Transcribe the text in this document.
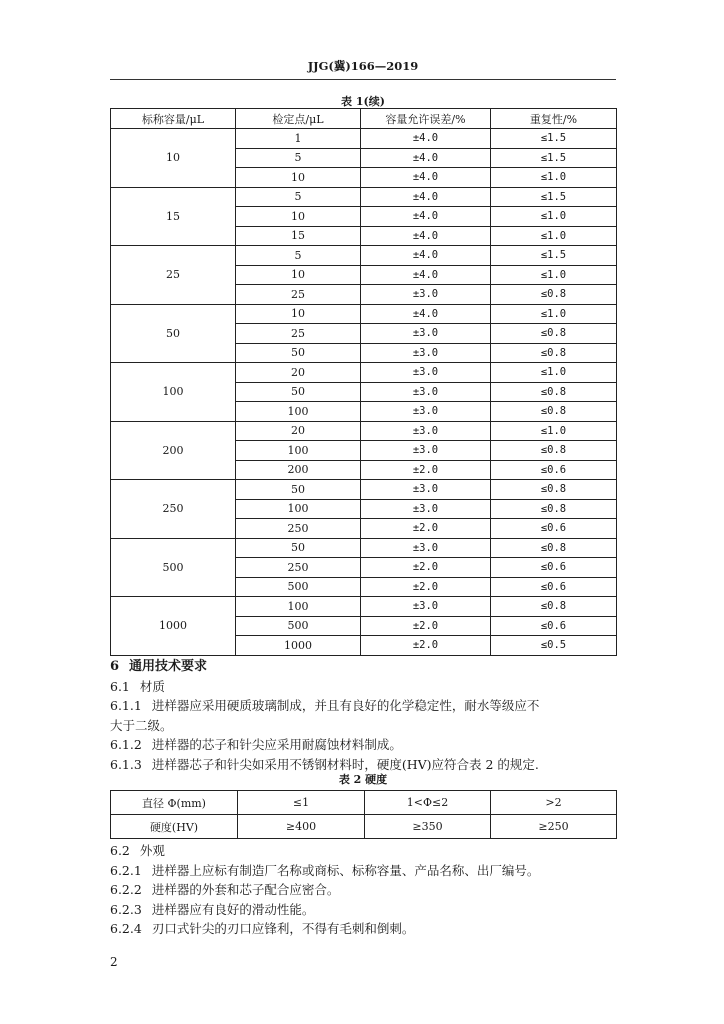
JJG(冀)166—2019
表 1(续)
标称容量/μL	检定点/μL	容量允许误差/%	重复性/%
10	1	±4.0	≤1.5
	5	±4.0	≤1.5
	10	±4.0	≤1.0
15	5	±4.0	≤1.5
	10	±4.0	≤1.0
	15	±4.0	≤1.0
25	5	±4.0	≤1.5
	10	±4.0	≤1.0
	25	±3.0	≤0.8
50	10	±4.0	≤1.0
	25	±3.0	≤0.8
	50	±3.0	≤0.8
100	20	±3.0	≤1.0
	50	±3.0	≤0.8
	100	±3.0	≤0.8
200	20	±3.0	≤1.0
	100	±3.0	≤0.8
	200	±2.0	≤0.6
250	50	±3.0	≤0.8
	100	±3.0	≤0.8
	250	±2.0	≤0.6
500	50	±3.0	≤0.8
	250	±2.0	≤0.6
	500	±2.0	≤0.6
1000	100	±3.0	≤0.8
	500	±2.0	≤0.6
	1000	±2.0	≤0.5
6 通用技术要求
6.1 材质
6.1.1 进样器应采用硬质玻璃制成，并且有良好的化学稳定性，耐水等级应不
大于二级。
6.1.2 进样器的芯子和针尖应采用耐腐蚀材料制成。
6.1.3 进样器芯子和针尖如采用不锈钢材料时，硬度(HV)应符合表 2 的规定.
表 2 硬度
直径 Φ(mm)	≤1	1<Φ≤2	>2
硬度(HV)	≥400	≥350	≥250
6.2 外观
6.2.1 进样器上应标有制造厂名称或商标、标称容量、产品名称、出厂编号。
6.2.2 进样器的外套和芯子配合应密合。
6.2.3 进样器应有良好的滑动性能。
6.2.4 刃口式针尖的刃口应锋利，不得有毛刺和倒刺。
2
